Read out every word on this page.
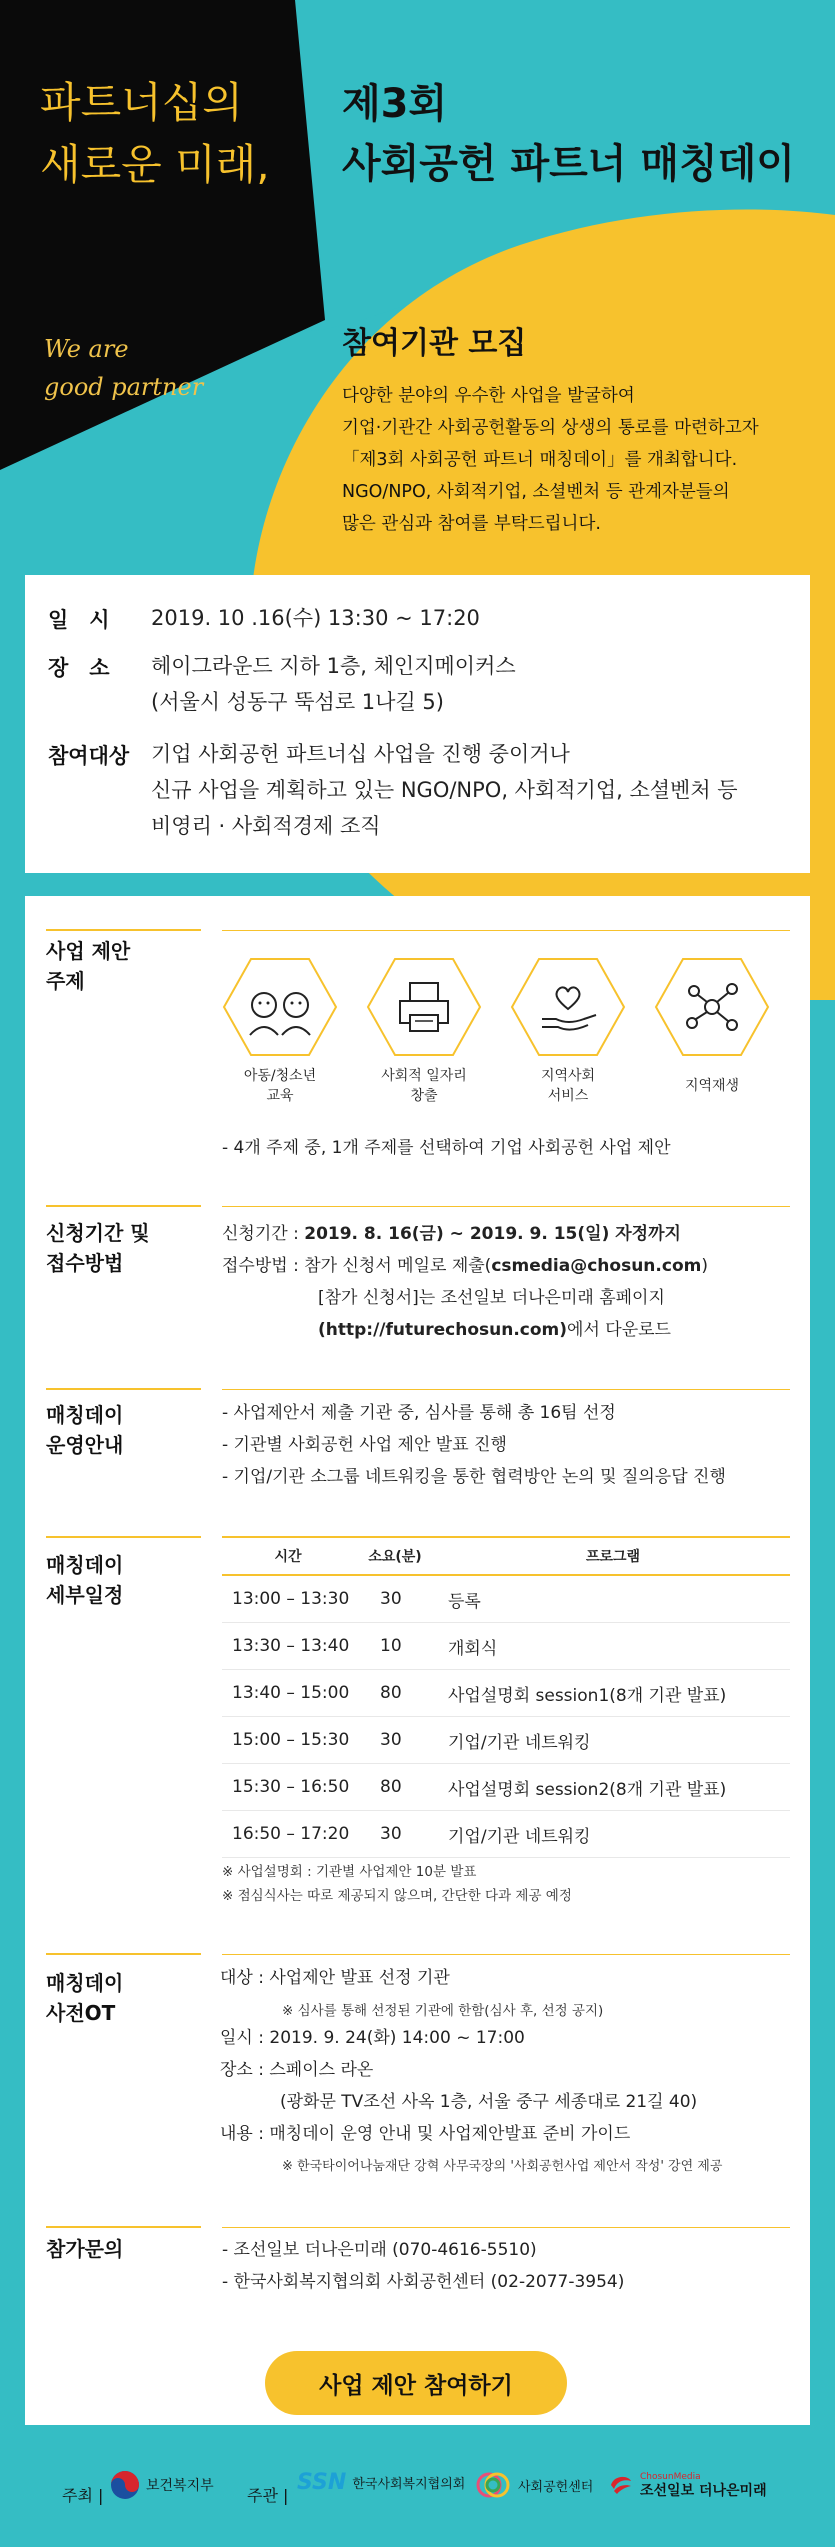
파트너십의
새로운 미래,
제3회
사회공헌 파트너 매칭데이
We are
good partner
참여기관 모집
다양한 분야의 우수한 사업을 발굴하여
기업·기관간 사회공헌활동의 상생의 통로를 마련하고자
「제3회 사회공헌 파트너 매칭데이」를 개최합니다.
NGO/NPO, 사회적기업, 소셜벤처 등 관계자분들의
많은 관심과 참여를 부탁드립니다.
일　시 2019. 10 .16(수) 13:30 ~ 17:20
장　소 헤이그라운드 지하 1층, 체인지메이커스
(서울시 성동구 뚝섬로 1나길 5)
참여대상 기업 사회공헌 파트너십 사업을 진행 중이거나
신규 사업을 계획하고 있는 NGO/NPO, 사회적기업, 소셜벤처 등
비영리 · 사회적경제 조직
사업 제안
주제
아동/청소년
교육
사회적 일자리
창출
지역사회
서비스
지역재생
- 4개 주제 중, 1개 주제를 선택하여 기업 사회공헌 사업 제안
신청기간 및
접수방법
신청기간 : 2019. 8. 16(금) ~ 2019. 9. 15(일) 자정까지
접수방법 : 참가 신청서 메일로 제출(csmedia@chosun.com)
[참가 신청서]는 조선일보 더나은미래 홈페이지
(http://futurechosun.com)에서 다운로드
매칭데이
운영안내
- 사업제안서 제출 기관 중, 심사를 통해 총 16팀 선정
- 기관별 사회공헌 사업 제안 발표 진행
- 기업/기관 소그룹 네트워킹을 통한 협력방안 논의 및 질의응답 진행
매칭데이
세부일정
시간	소요(분)	프로그램
13:00 – 13:30	30	등록
13:30 – 13:40	10	개회식
13:40 – 15:00	80	사업설명회 session1(8개 기관 발표)
15:00 – 15:30	30	기업/기관 네트워킹
15:30 – 16:50	80	사업설명회 session2(8개 기관 발표)
16:50 – 17:20	30	기업/기관 네트워킹
※ 사업설명회 : 기관별 사업제안 10분 발표
※ 점심식사는 따로 제공되지 않으며, 간단한 다과 제공 예정
매칭데이
사전OT
대상 : 사업제안 발표 선정 기관
※ 심사를 통해 선정된 기관에 한함(심사 후, 선정 공지)
일시 : 2019. 9. 24(화) 14:00 ~ 17:00
장소 : 스페이스 라온
(광화문 TV조선 사옥 1층, 서울 중구 세종대로 21길 40)
내용 : 매칭데이 운영 안내 및 사업제안발표 준비 가이드
※ 한국타이어나눔재단 강혁 사무국장의 '사회공헌사업 제안서 작성' 강연 제공
참가문의	- 조선일보 더나은미래 (070-4616-5510)
- 한국사회복지협의회 사회공헌센터 (02-2077-3954)
사업 제안 참여하기
주최 |	보건복지부 주관 |
SSN 한국사회복지협의회	사회공헌센터
ChosunMedia
조선일보 더나은미래
